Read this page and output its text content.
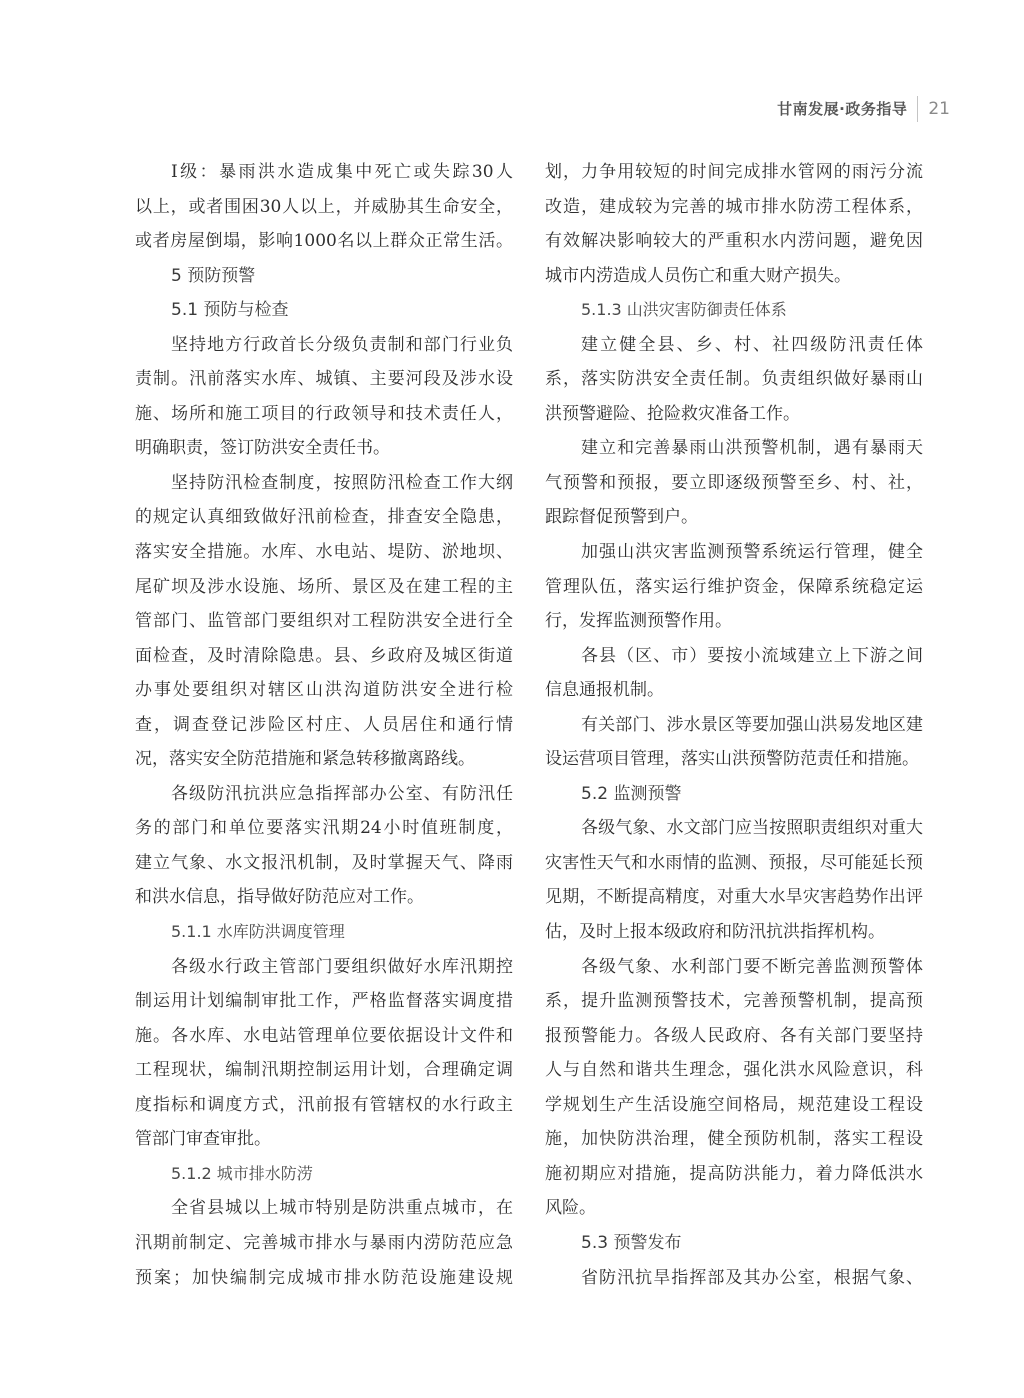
甘南发展·政务指导 21
Ⅰ级：暴雨洪水造成集中死亡或失踪30人
以上，或者围困30人以上，并威胁其生命安全，
或者房屋倒塌，影响1000名以上群众正常生活。
5 预防预警
5.1 预防与检查
坚持地方行政首长分级负责制和部门行业负
责制。汛前落实水库、城镇、主要河段及涉水设
施、场所和施工项目的行政领导和技术责任人，
明确职责，签订防洪安全责任书。
坚持防汛检查制度，按照防汛检查工作大纲
的规定认真细致做好汛前检查，排查安全隐患，
落实安全措施。水库、水电站、堤防、淤地坝、
尾矿坝及涉水设施、场所、景区及在建工程的主
管部门、监管部门要组织对工程防洪安全进行全
面检查，及时清除隐患。县、乡政府及城区街道
办事处要组织对辖区山洪沟道防洪安全进行检
查，调查登记涉险区村庄、人员居住和通行情
况，落实安全防范措施和紧急转移撤离路线。
各级防汛抗洪应急指挥部办公室、有防汛任
务的部门和单位要落实汛期24小时值班制度，
建立气象、水文报汛机制，及时掌握天气、降雨
和洪水信息，指导做好防范应对工作。
5.1.1 水库防洪调度管理
各级水行政主管部门要组织做好水库汛期控
制运用计划编制审批工作，严格监督落实调度措
施。各水库、水电站管理单位要依据设计文件和
工程现状，编制汛期控制运用计划，合理确定调
度指标和调度方式，汛前报有管辖权的水行政主
管部门审查审批。
5.1.2 城市排水防涝
全省县城以上城市特别是防洪重点城市，在
汛期前制定、完善城市排水与暴雨内涝防范应急
预案；加快编制完成城市排水防范设施建设规
划，力争用较短的时间完成排水管网的雨污分流
改造，建成较为完善的城市排水防涝工程体系，
有效解决影响较大的严重积水内涝问题，避免因
城市内涝造成人员伤亡和重大财产损失。
5.1.3 山洪灾害防御责任体系
建立健全县、乡、村、社四级防汛责任体
系，落实防洪安全责任制。负责组织做好暴雨山
洪预警避险、抢险救灾准备工作。
建立和完善暴雨山洪预警机制，遇有暴雨天
气预警和预报，要立即逐级预警至乡、村、社，
跟踪督促预警到户。
加强山洪灾害监测预警系统运行管理，健全
管理队伍，落实运行维护资金，保障系统稳定运
行，发挥监测预警作用。
各县（区、市）要按小流域建立上下游之间
信息通报机制。
有关部门、涉水景区等要加强山洪易发地区建
设运营项目管理，落实山洪预警防范责任和措施。
5.2 监测预警
各级气象、水文部门应当按照职责组织对重大
灾害性天气和水雨情的监测、预报，尽可能延长预
见期，不断提高精度，对重大水旱灾害趋势作出评
估，及时上报本级政府和防汛抗洪指挥机构。
各级气象、水利部门要不断完善监测预警体
系，提升监测预警技术，完善预警机制，提高预
报预警能力。各级人民政府、各有关部门要坚持
人与自然和谐共生理念，强化洪水风险意识，科
学规划生产生活设施空间格局，规范建设工程设
施，加快防洪治理，健全预防机制，落实工程设
施初期应对措施，提高防洪能力，着力降低洪水
风险。
5.3 预警发布
省防汛抗旱指挥部及其办公室，根据气象、
